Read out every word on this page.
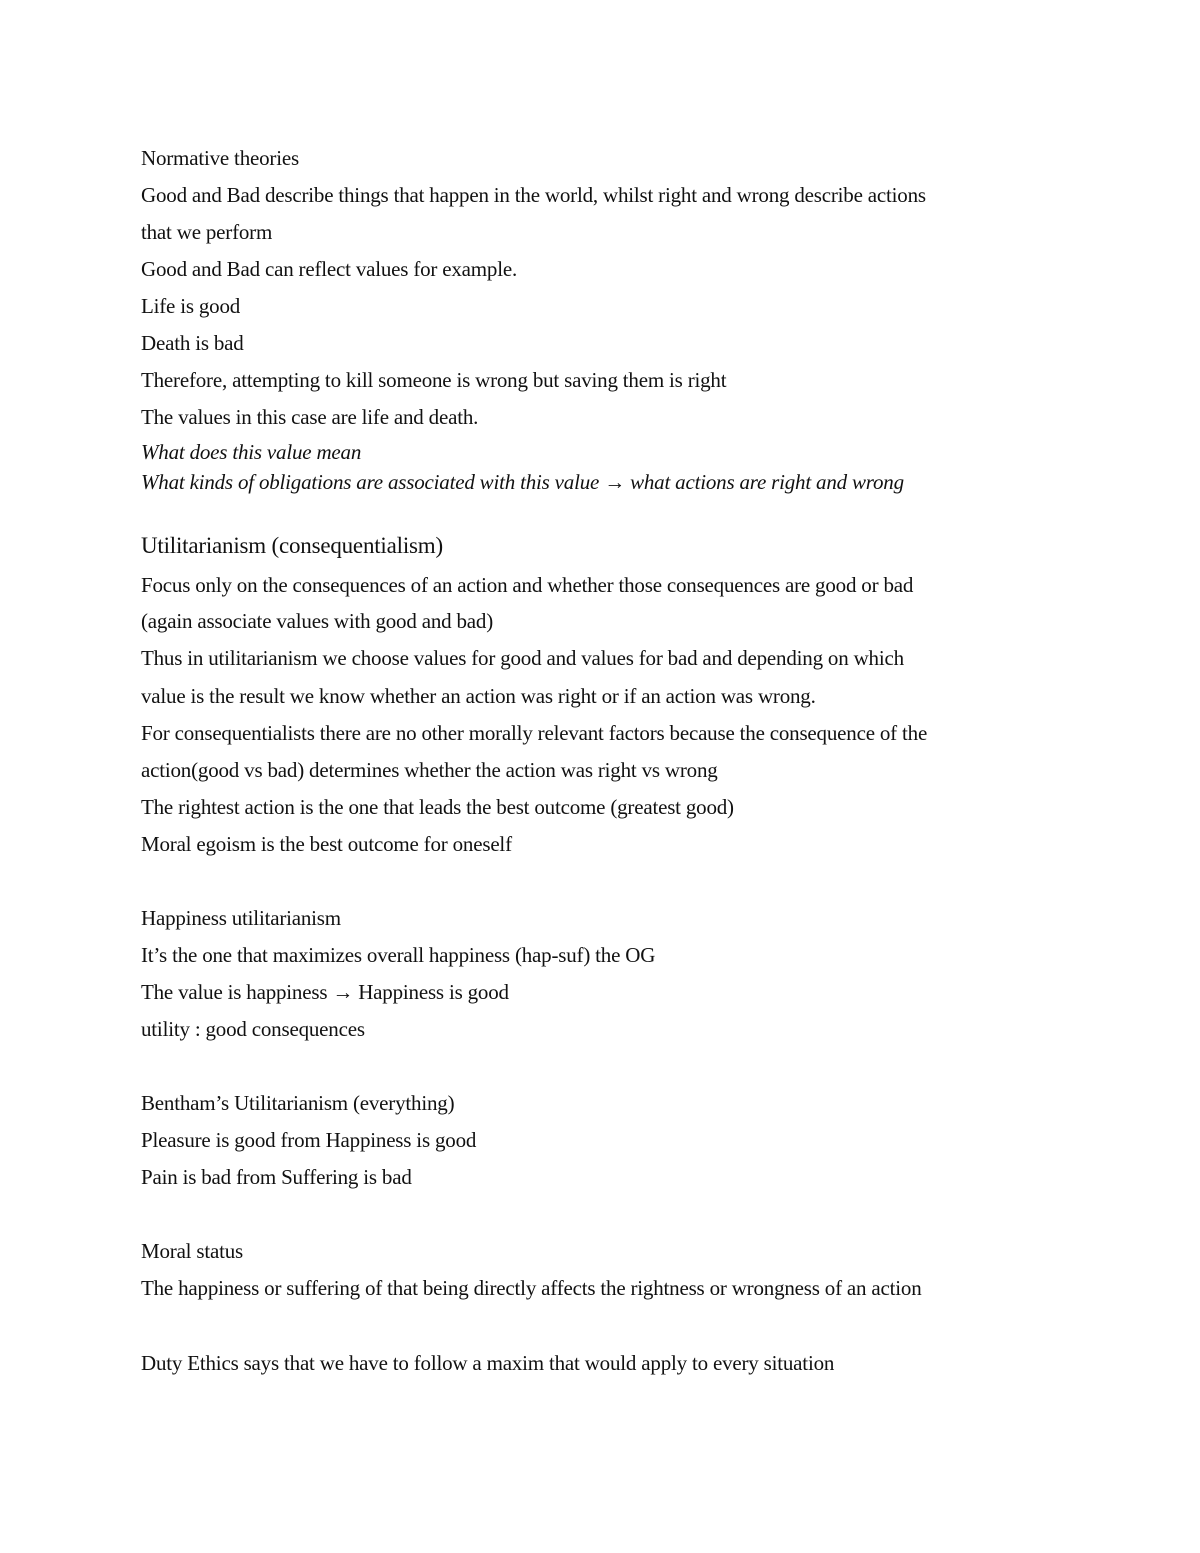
Normative theories
Good and Bad describe things that happen in the world, whilst right and wrong describe actions
that we perform
Good and Bad can reflect values for example.
Life is good
Death is bad
Therefore, attempting to kill someone is wrong but saving them is right
The values in this case are life and death.
What does this value mean
What kinds of obligations are associated with this value → what actions are right and wrong
Utilitarianism (consequentialism)
Focus only on the consequences of an action and whether those consequences are good or bad
(again associate values with good and bad)
Thus in utilitarianism we choose values for good and values for bad and depending on which
value is the result we know whether an action was right or if an action was wrong.
For consequentialists there are no other morally relevant factors because the consequence of the
action(good vs bad) determines whether the action was right vs wrong
The rightest action is the one that leads the best outcome (greatest good)
Moral egoism is the best outcome for oneself
Happiness utilitarianism
It’s the one that maximizes overall happiness (hap-suf) the OG
The value is happiness → Happiness is good
utility : good consequences
Bentham’s Utilitarianism (everything)
Pleasure is good from Happiness is good
Pain is bad from Suffering is bad
Moral status
The happiness or suffering of that being directly affects the rightness or wrongness of an action
Duty Ethics says that we have to follow a maxim that would apply to every situation
